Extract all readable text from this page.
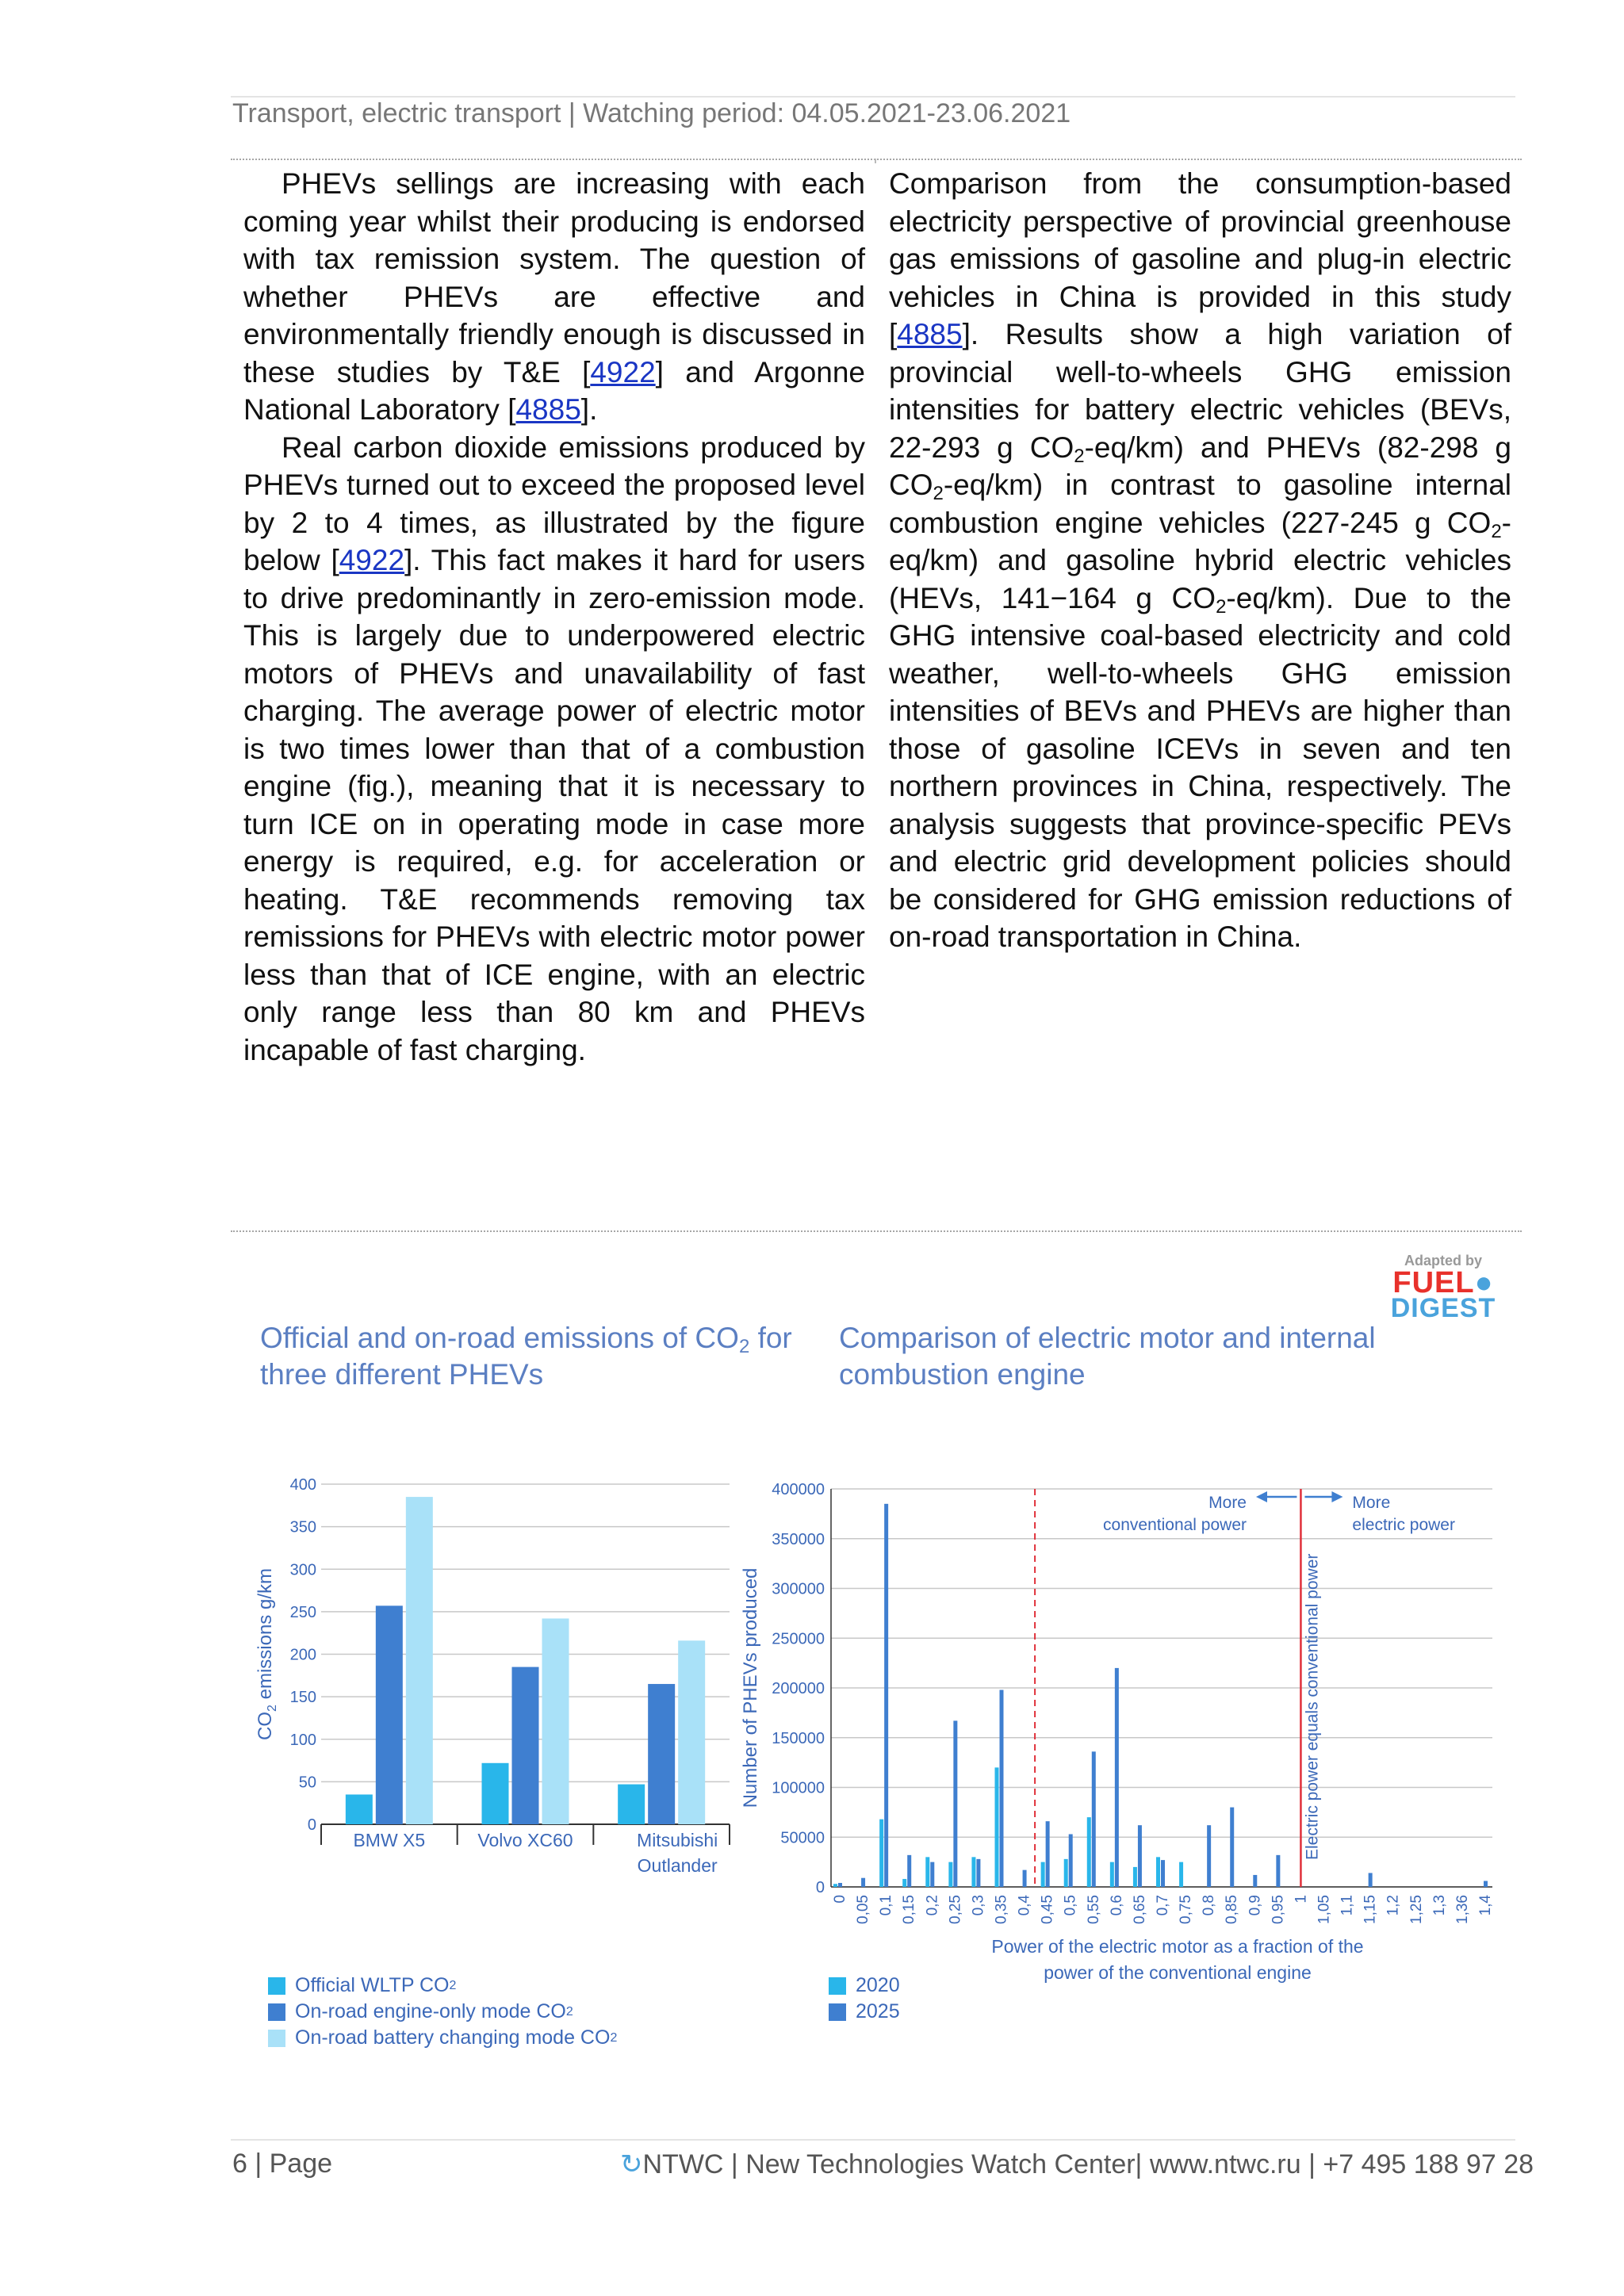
Transport, electric transport | Watching period: 04.05.2021-23.06.2021

PHEVs sellings are increasing with each coming year whilst their producing is endorsed with tax remission system. The question of whether PHEVs are effective and environmentally friendly enough is discussed in these studies by T&E [4922] and Argonne National Laboratory [4885].

Real carbon dioxide emissions produced by PHEVs turned out to exceed the proposed level by 2 to 4 times, as illustrated by the figure below [4922]. This fact makes it hard for users to drive predominantly in zero-emission mode. This is largely due to underpowered electric motors of PHEVs and unavailability of fast charging. The average power of electric motor is two times lower than that of a combustion engine (fig.), meaning that it is necessary to turn ICE on in operating mode in case more energy is required, e.g. for acceleration or heating. T&E recommends removing tax remissions for PHEVs with electric motor power less than that of ICE engine, with an electric only range less than 80 km and PHEVs incapable of fast charging.

Comparison from the consumption-based electricity perspective of provincial greenhouse gas emissions of gasoline and plug-in electric vehicles in China is provided in this study [4885]. Results show a high variation of provincial well-to-wheels GHG emission intensities for battery electric vehicles (BEVs, 22-293 g $CO_2-eq/km$) and PHEVs (82-298 g $CO_2-eq/km$) in contrast to gasoline internal combustion engine vehicles (227-245 g $CO_2-eq/km$) and gasoline hybrid electric vehicles (HEVs, 141−164 g $CO_2-eq/km$). Due to the GHG intensive coal-based electricity and cold weather, well-to-wheels GHG emission intensities of BEVs and PHEVs are higher than those of gasoline ICEVs in seven and ten northern provinces in China, respectively. The analysis suggests that province-specific PEVs and electric grid development policies should be considered for GHG emission reductions of on-road transportation in China.

Adapted by
FUEL●
DIGEST
Official and on-road emissions of $CO_2$ for three different PHEVs
Comparison of electric motor and internal combustion engine
0
50
100
150
200
250
300
350
400
$CO_2$ emissions g/km
BMW X5	Volvo XC60	Mitsubishi
Outlander
0
50000
100000
150000
200000
250000
300000
350000
400000
Number of PHEVs produced
0 0,05 0,1 0,15 0,2 0,25 0,3 0,35 0,4 0,45 0,5 0,55 0,6 0,65 0,7 0,75 0,8 0,85 0,9 0,95 1 1,05 1,1 1,15 1,2 1,25 1,3 1,36 1,4
More
conventional power
More
electric power
Electric power equals conventional power
Power of the electric motor as a fraction of the
power of the conventional engine
Official WLTP CO 2
On-road engine-only mode CO 2
On-road battery changing mode CO 2
2020
2025
6 | Page	↻NTWC | New Technologies Watch Center| www.ntwc.ru | +7 495 188 97 28
